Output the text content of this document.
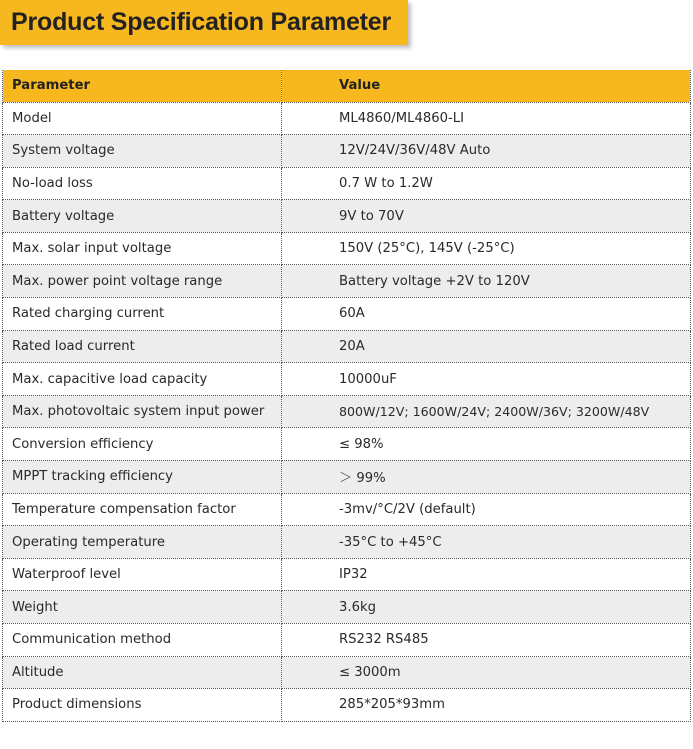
Product Specification Parameter
Parameter	Value
Model	ML4860/ML4860-LI
System voltage	12V/24V/36V/48V Auto
No-load loss	0.7 W to 1.2W
Battery voltage	9V to 70V
Max. solar input voltage	150V (25°C), 145V (-25°C)
Max. power point voltage range	Battery voltage +2V to 120V
Rated charging current	60A
Rated load current	20A
Max. capacitive load capacity	10000uF
Max. photovoltaic system input power	800W/12V; 1600W/24V; 2400W/36V; 3200W/48V
Conversion efficiency	≤ 98%
MPPT tracking efficiency	＞ 99%
Temperature compensation factor	-3mv/°C/2V (default)
Operating temperature	-35°C to +45°C
Waterproof level	IP32
Weight	3.6kg
Communication method	RS232 RS485
Altitude	≤ 3000m
Product dimensions	285*205*93mm
